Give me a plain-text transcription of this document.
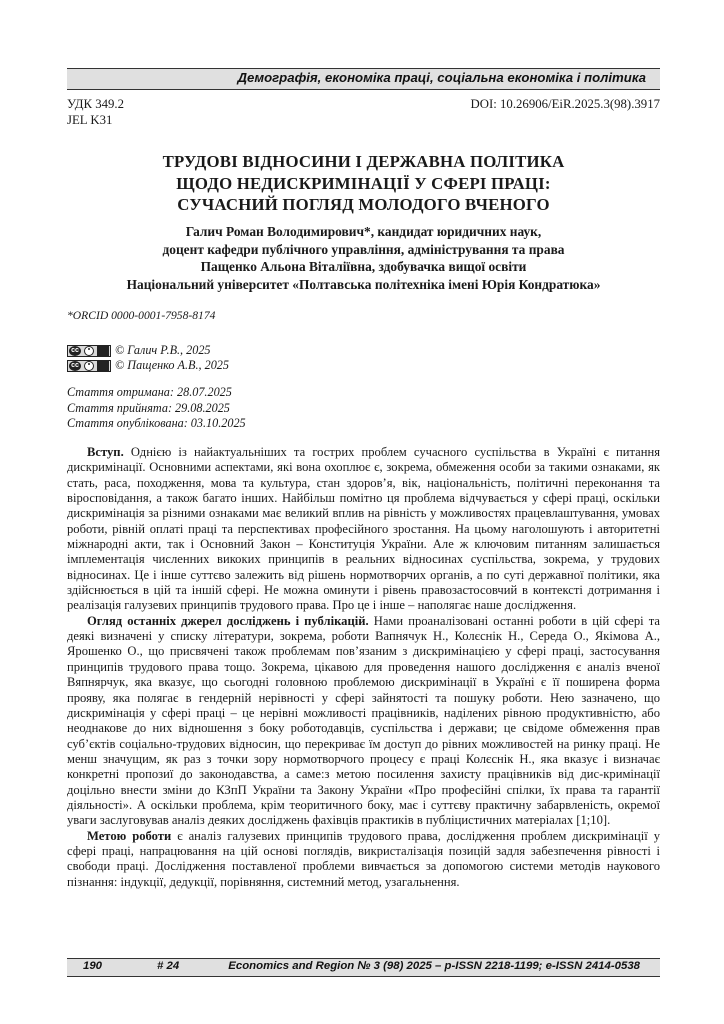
Демографія, економіка праці, соціальна економіка і політика
УДК 349.2
JEL K31
DOI: 10.26906/EiR.2025.3(98).3917
ТРУДОВІ ВІДНОСИНИ І ДЕРЖАВНА ПОЛІТИКА
ЩОДО НЕДИСКРИМІНАЦІЇ У СФЕРІ ПРАЦІ:
СУЧАСНИЙ ПОГЛЯД МОЛОДОГО ВЧЕНОГО
Галич Роман Володимирович*, кандидат юридичних наук,
доцент кафедри публічного управління, адміністрування та права
Пащенко Альона Віталіївна, здобувачка вищої освіти
Національний університет «Полтавська політехніка імені Юрія Кондратюка»
*ORCID 0000-0001-7958-8174
cc	© Галич Р.В., 2025
cc	© Пащенко А.В., 2025
Стаття отримана: 28.07.2025
Стаття прийнята: 29.08.2025
Стаття опублікована: 03.10.2025

Вступ. Однією із найактуальніших та гострих проблем сучасного суспільства в Україні є питання дискримінації. Основними аспектами, які вона охоплює є, зокрема, обмеження особи за такими ознаками, як стать, раса, походження, мова та культура, стан здоров’я, вік, національність, політичні переконання та віросповідання, а також багато інших. Найбільш помітно ця проблема відчувається у сфері праці, оскільки дискримінація за різними ознаками має великий вплив на рівність у можливостях працевлаштування, умовах роботи, рівній оплаті праці та перспективах професійного зростання. На цьому наголошують і авторитетні міжнародні акти, так і Основний Закон – Конституція України. Але ж ключовим питанням залишається імплементація численних викоких принципів в реальних відносинах суспільства, зокрема, у трудових відносинах. Це і інше суттєво залежить від рішень нормотворчих органів, а по суті державної політики, яка здійснюється в цій та іншій сфері. Не можна оминути і рівень правозастосовчий в контексті дотримання і реалізація галузевих принципів трудового права. Про це і інше – наполягає наше дослідження.

Огляд останніх джерел досліджень і публікацій. Нами проаналізовані останні роботи в цій сфері та деякі визначені у списку літератури, зокрема, роботи Вапнячук Н., Колєснік Н., Середа О., Якімова А., Ярошенко О., що присвячені також проблемам пов’язаним з дискримінацією у сфері праці, застосування принципів трудового права тощо. Зокрема, цікавою для проведення нашого дослідження є аналіз вченої Вяпнярчук, яка вказує, що сьогодні головною проблемою дискримінації в Україні є її поширена форма прояву, яка полягає в гендерній нерівності у сфері зайнятості та пошуку роботи. Нею зазначено, що дискримінація у сфері праці – це нерівні можливості працівників, наділених рівною продуктивністю, або неоднакове до них відношення з боку роботодавців, суспільства і держави; це свідоме обмеження прав суб’єктів соціально-трудових відносин, що перекриває їм доступ до рівних можливостей на ринку праці. Не менш значущим, як раз з точки зору нормотворчого процесу є праці Колєснік Н., яка вказує і визначає конкретні пропозиї до законодавства, а саме:з метою посилення захисту працівників від дис-кримінації доцільно внести зміни до КЗпП України та Закону України «Про професійні спілки, їх права та гарантії діяльності». А оскільки проблема, крім теоритичного боку, має і суттєву практичну забарвленість, окремої уваги заслуговував аналіз деяких досліджень фахівців практиків в публіцистичних матеріалах [1;10].

Метою роботи є аналіз галузевих принципів трудового права, дослідження проблем дискримінації у сфері праці, напрацювання на цій основі поглядів, викристалізація позицій задля забезпечення рівності і свободи праці. Дослідження поставленої проблеми вивчається за допомогою системи методів наукового пізнання: індукції, дедукції, порівняння, системний метод, узагальнення.

190	# 24	Economics and Region № 3 (98) 2025 – p-ISSN 2218-1199; e-ISSN 2414-0538
